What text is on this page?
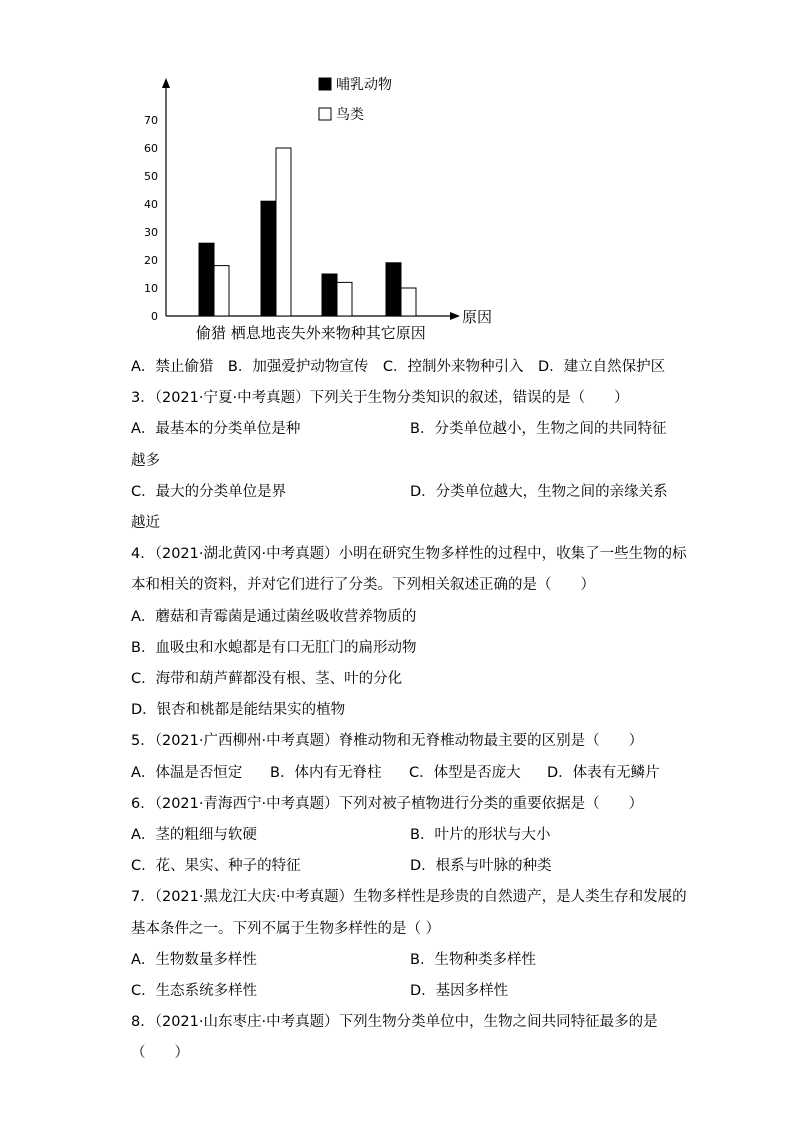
0
10
20
30
40
50
60
70
哺乳动物
鸟类
原因
偷猎 栖息地丧失外来物种其它原因
A．禁止偷猎　B．加强爱护动物宣传　C．控制外来物种引入　D．建立自然保护区
3．（2021·宁夏·中考真题）下列关于生物分类知识的叙述，错误的是（　　）
A．最基本的分类单位是种	B．分类单位越小，生物之间的共同特征
越多
C．最大的分类单位是界	D．分类单位越大，生物之间的亲缘关系
越近
4．（2021·湖北黄冈·中考真题）小明在研究生物多样性的过程中，收集了一些生物的标
本和相关的资料，并对它们进行了分类。下列相关叙述正确的是（　　）
A．蘑菇和青霉菌是通过菌丝吸收营养物质的
B．血吸虫和水螅都是有口无肛门的扁形动物
C．海带和葫芦藓都没有根、茎、叶的分化
D．银杏和桃都是能结果实的植物
5．（2021·广西柳州·中考真题）脊椎动物和无脊椎动物最主要的区别是（　　）
A．体温是否恒定 B．体内有无脊柱 C．体型是否庞大 D．体表有无鳞片
6．（2021·青海西宁·中考真题）下列对被子植物进行分类的重要依据是（　　）
A．茎的粗细与软硬	B．叶片的形状与大小
C．花、果实、种子的特征	D．根系与叶脉的种类
7．（2021·黑龙江大庆·中考真题）生物多样性是珍贵的自然遗产，是人类生存和发展的
基本条件之一。下列不属于生物多样性的是（ ）
A．生物数量多样性	B．生物种类多样性
C．生态系统多样性	D．基因多样性
8．（2021·山东枣庄·中考真题）下列生物分类单位中，生物之间共同特征最多的是
（　　）
